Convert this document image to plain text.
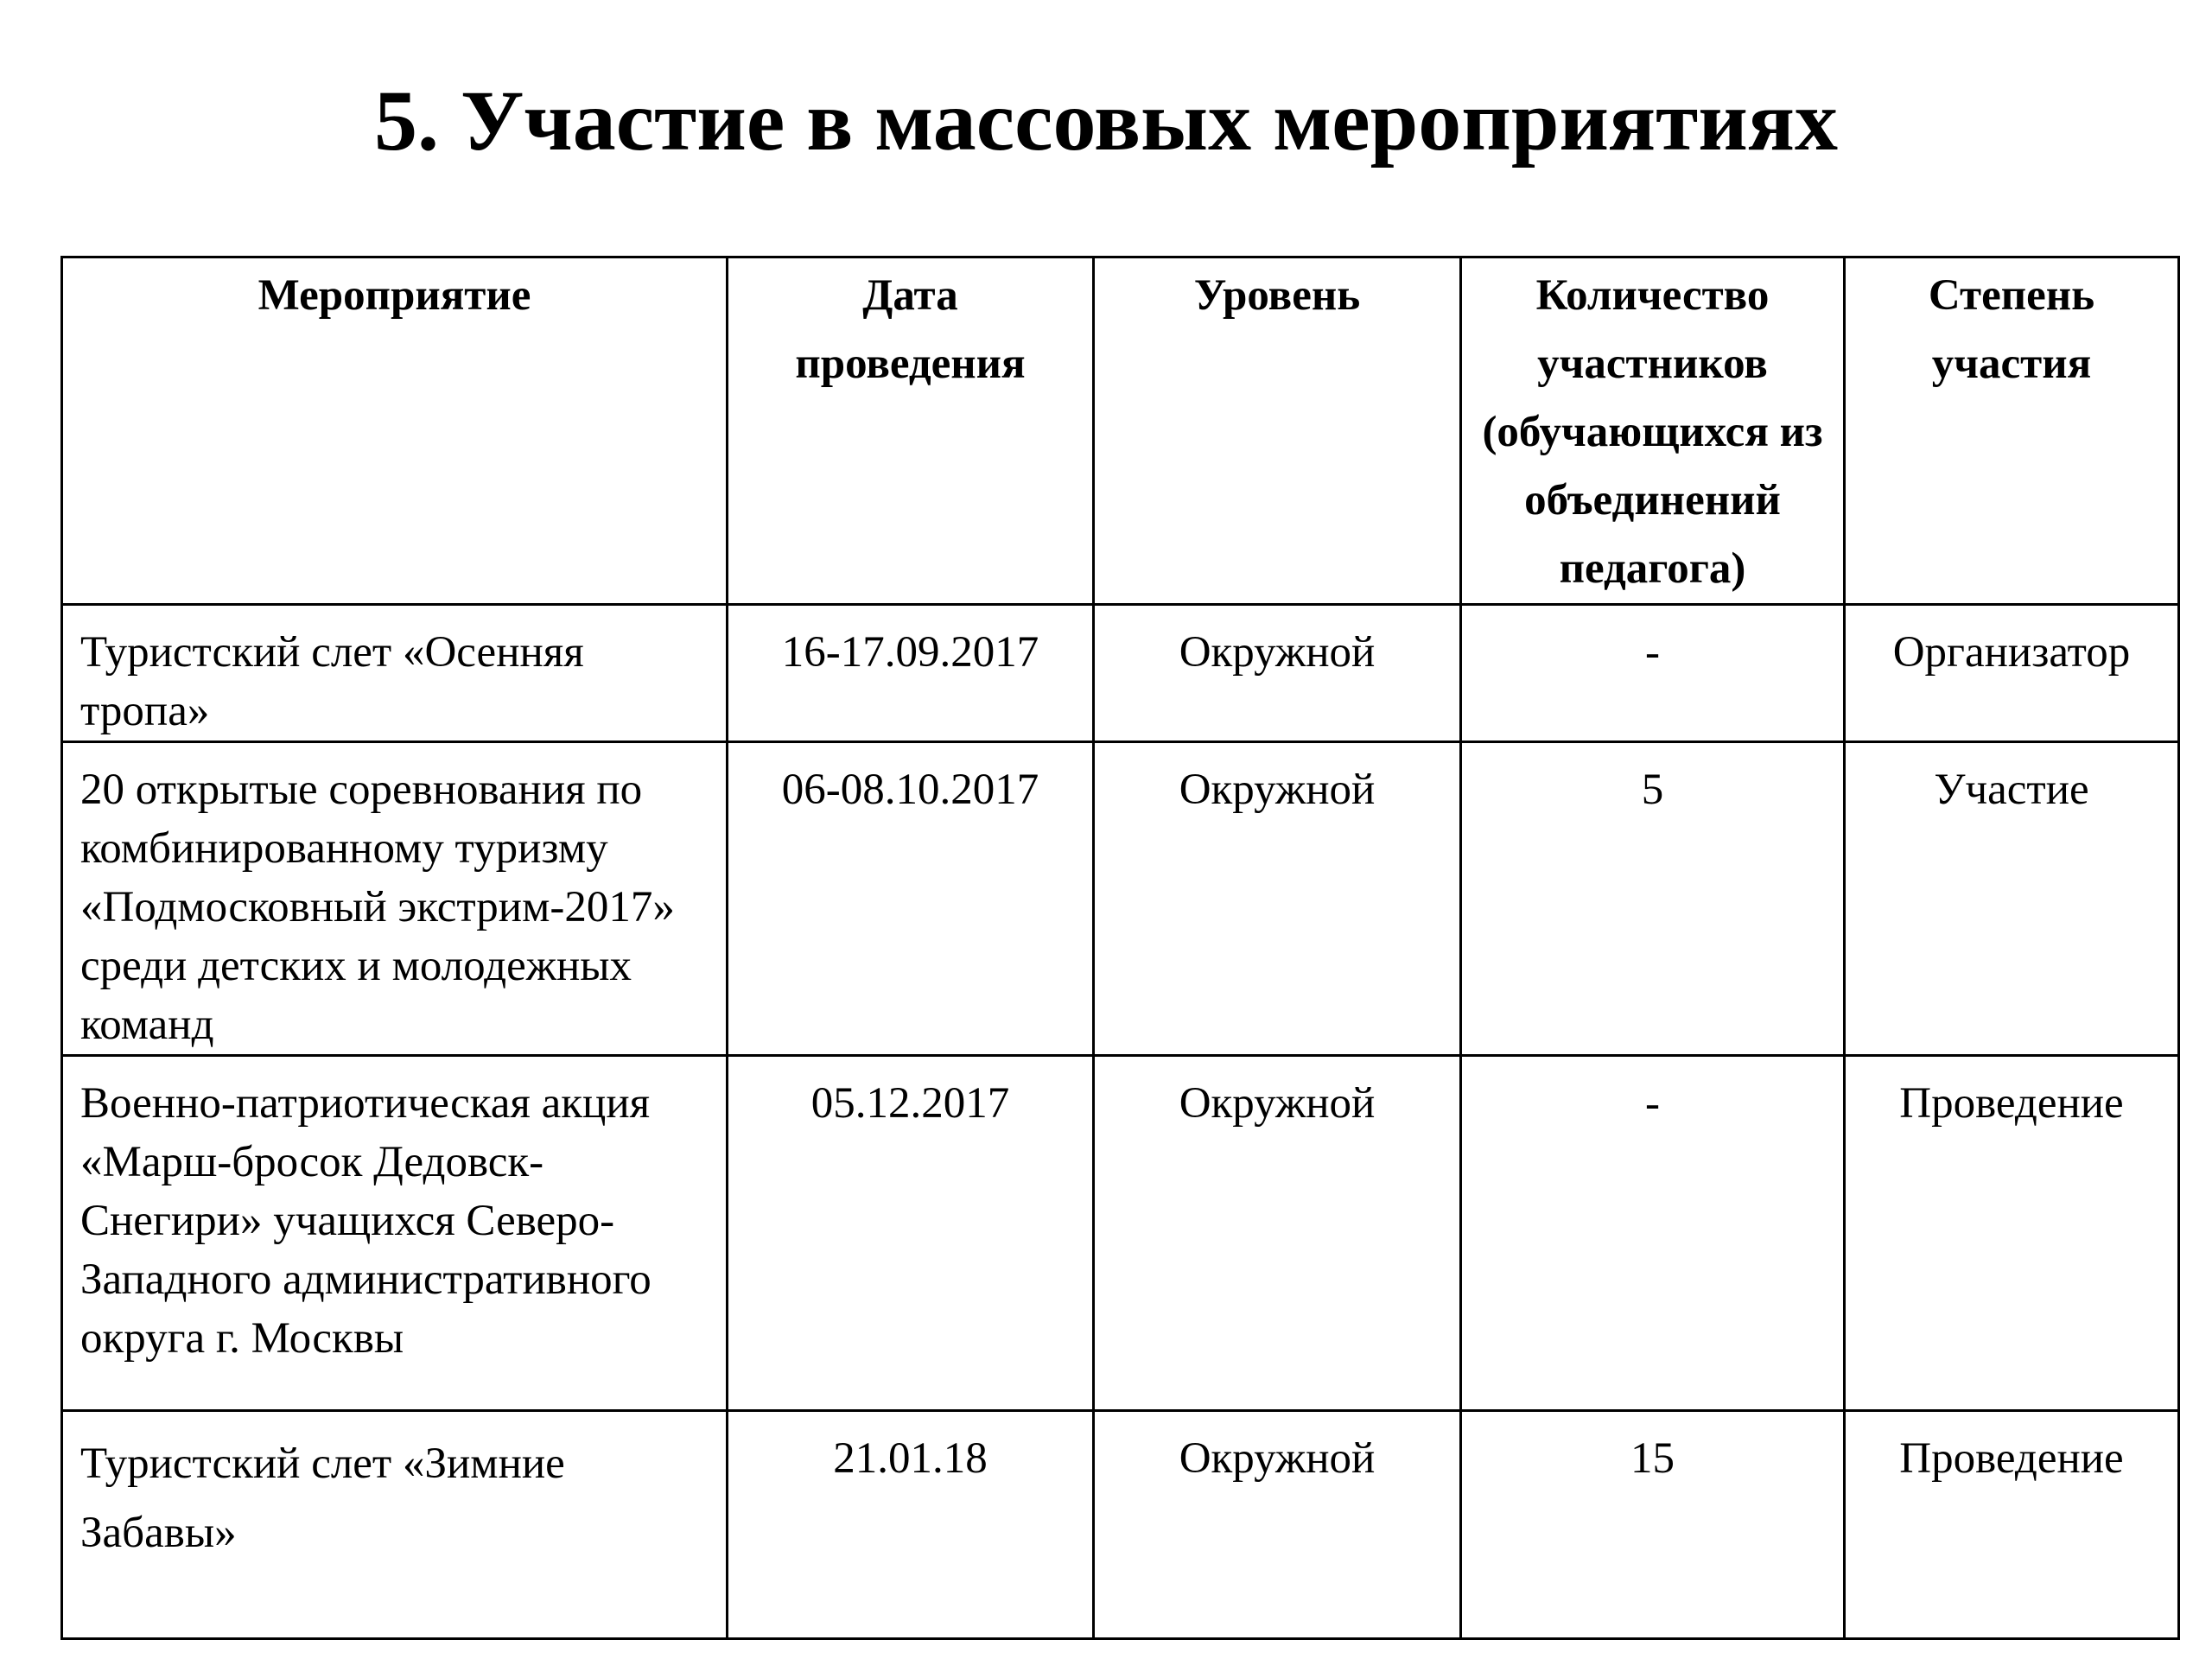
5. Участие в массовых мероприятиях
Мероприятие	Дата проведения	Уровень	Количество участников (обучающихся из объединений педагога)	Степень участия
Туристский слет «Осенняя тропа»	16-17.09.2017	Окружной	-	Организатор
20 открытые соревнования по комбинированному туризму «Подмосковный экстрим-2017» среди детских и молодежных команд	06-08.10.2017	Окружной	5	Участие
Военно-патриотическая акция «Марш-бросок Дедовск-Снегири» учащихся Северо-Западного административного округа г. Москвы	05.12.2017	Окружной	-	Проведение
Туристский слет «Зимние Забавы»	21.01.18	Окружной	15	Проведение
